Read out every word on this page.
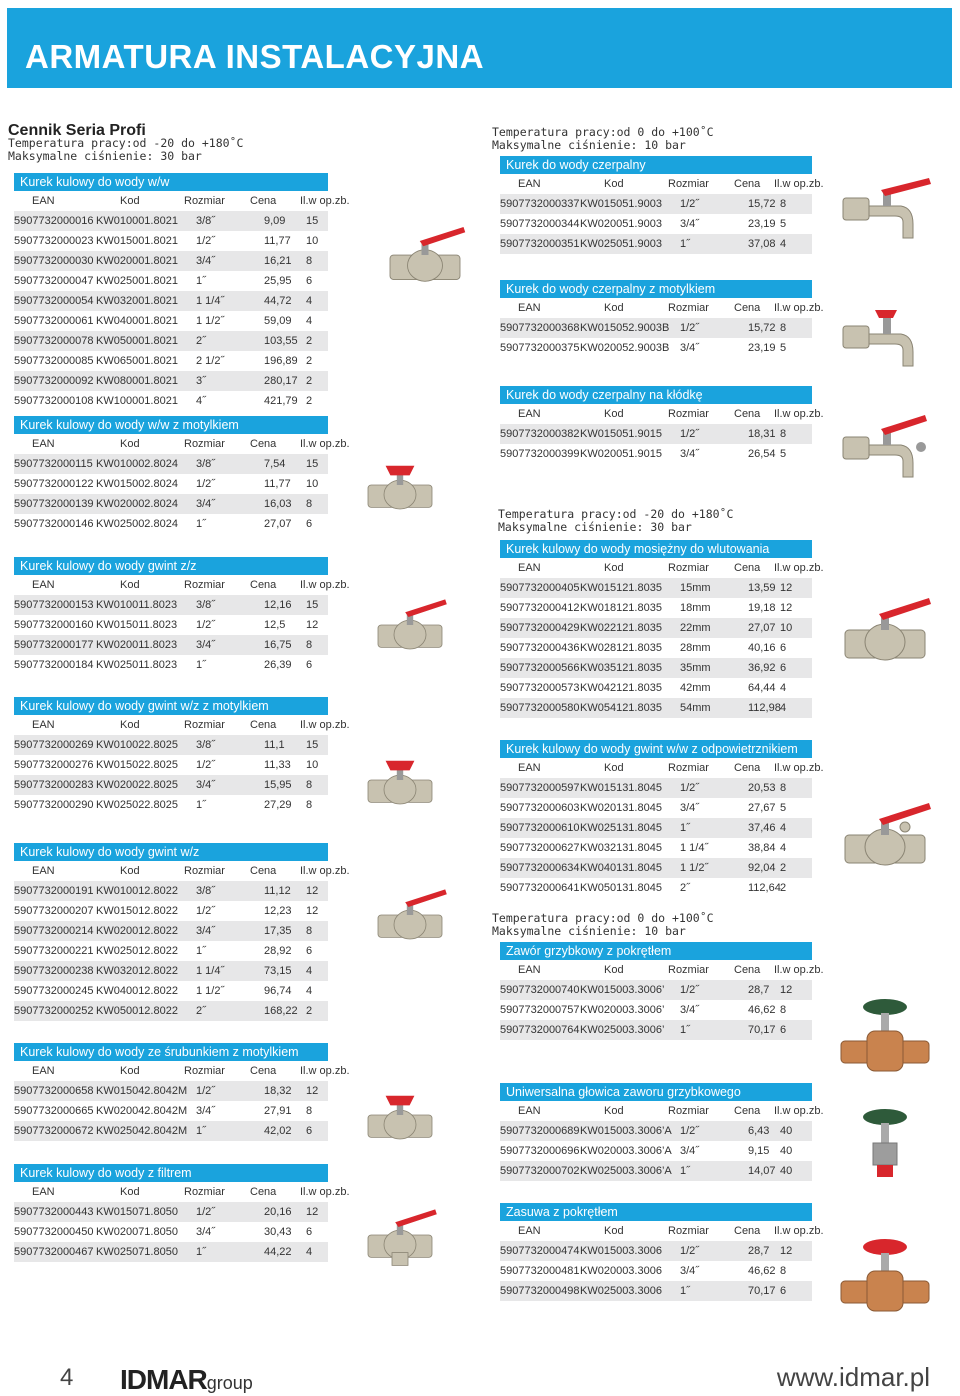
ARMATURA INSTALACYJNA
Cennik Seria Profi
Temperatura pracy:od -20 do +180˚C
Maksymalne ciśnienie: 30 bar
Temperatura pracy:od 0 do +100˚C
Maksymalne ciśnienie: 10 bar
Temperatura pracy:od -20 do +180˚C
Maksymalne ciśnienie: 30 bar
Temperatura pracy:od 0 do +100˚C
Maksymalne ciśnienie: 10 bar
Kurek kulowy do wody w/w
EAN	Kod	Rozmiar Cena Il.w op.zb.
5907732000016 KW010001.8021 3/8˝	9,09 15
5907732000023 KW015001.8021 1/2˝	11,77 10
5907732000030 KW020001.8021 3/4˝	16,21 8
5907732000047 KW025001.8021 1˝	25,95 6
5907732000054 KW032001.8021 1 1/4˝	44,72 4
5907732000061 KW040001.8021 1 1/2˝	59,09 4
5907732000078 KW050001.8021 2˝	103,55 2
5907732000085 KW065001.8021 2 1/2˝	196,89 2
5907732000092 KW080001.8021 3˝	280,17 2
5907732000108 KW100001.8021 4˝	421,79 2
Kurek kulowy do wody w/w z motylkiem
EAN	Kod	Rozmiar Cena Il.w op.zb.
5907732000115 KW010002.8024 3/8˝	7,54 15
5907732000122 KW015002.8024 1/2˝	11,77 10
5907732000139 KW020002.8024 3/4˝	16,03 8
5907732000146 KW025002.8024 1˝	27,07 6
Kurek kulowy do wody gwint z/z
EAN	Kod	Rozmiar Cena Il.w op.zb.
5907732000153 KW010011.8023 3/8˝	12,16 15
5907732000160 KW015011.8023 1/2˝	12,5 12
5907732000177 KW020011.8023 3/4˝	16,75 8
5907732000184 KW025011.8023 1˝	26,39 6
Kurek kulowy do wody gwint w/z z motylkiem
EAN	Kod	Rozmiar Cena Il.w op.zb.
5907732000269 KW010022.8025 3/8˝	11,1 15
5907732000276 KW015022.8025 1/2˝	11,33 10
5907732000283 KW020022.8025 3/4˝	15,95 8
5907732000290 KW025022.8025 1˝	27,29 8
Kurek kulowy do wody gwint w/z
EAN	Kod	Rozmiar Cena Il.w op.zb.
5907732000191 KW010012.8022 3/8˝	11,12 12
5907732000207 KW015012.8022 1/2˝	12,23 12
5907732000214 KW020012.8022 3/4˝	17,35 8
5907732000221 KW025012.8022 1˝	28,92 6
5907732000238 KW032012.8022 1 1/4˝	73,15 4
5907732000245 KW040012.8022 1 1/2˝	96,74 4
5907732000252 KW050012.8022 2˝	168,22 2
Kurek kulowy do wody ze śrubunkiem z motylkiem
EAN	Kod	Rozmiar Cena Il.w op.zb.
5907732000658 KW015042.8042M 1/2˝	18,32 12
5907732000665 KW020042.8042M 3/4˝	27,91 8
5907732000672 KW025042.8042M 1˝	42,02 6
Kurek kulowy do wody z filtrem
EAN	Kod	Rozmiar Cena Il.w op.zb.
5907732000443 KW015071.8050 1/2˝	20,16 12
5907732000450 KW020071.8050 3/4˝	30,43 6
5907732000467 KW025071.8050 1˝	44,22 4
Kurek do wody czerpalny
EAN	Kod	Rozmiar Cena Il.w op.zb.
5907732000337 KW015051.9003 1/2˝	15,72 8
5907732000344 KW020051.9003 3/4˝	23,19 5
5907732000351 KW025051.9003 1˝	37,08 4
Kurek do wody czerpalny z motylkiem
EAN	Kod	Rozmiar Cena Il.w op.zb.
5907732000368 KW015052.9003B 1/2˝	15,72 8
5907732000375 KW020052.9003B 3/4˝	23,19 5
Kurek do wody czerpalny na kłódkę
EAN	Kod	Rozmiar Cena Il.w op.zb.
5907732000382 KW015051.9015 1/2˝	18,31 8
5907732000399 KW020051.9015 3/4˝	26,54 5
Kurek kulowy do wody mosiężny do wlutowania
EAN	Kod	Rozmiar Cena Il.w op.zb.
5907732000405 KW015121.8035 15mm	13,59 12
5907732000412 KW018121.8035 18mm	19,18 12
5907732000429 KW022121.8035 22mm	27,07 10
5907732000436 KW028121.8035 28mm	40,16 6
5907732000566 KW035121.8035 35mm	36,92 6
5907732000573 KW042121.8035 42mm	64,44 4
5907732000580 KW054121.8035 54mm	112,98 4
Kurek kulowy do wody gwint w/w z odpowietrznikiem
EAN	Kod	Rozmiar Cena Il.w op.zb.
5907732000597 KW015131.8045 1/2˝	20,53 8
5907732000603 KW020131.8045 3/4˝	27,67 5
5907732000610 KW025131.8045 1˝	37,46 4
5907732000627 KW032131.8045 1 1/4˝	38,84 4
5907732000634 KW040131.8045 1 1/2˝	92,04 2
5907732000641 KW050131.8045 2˝	112,64 2
Zawór grzybkowy z pokrętłem
EAN	Kod	Rozmiar Cena Il.w op.zb.
5907732000740 KW015003.3006’ 1/2˝	28,7 12
5907732000757 KW020003.3006’ 3/4˝	46,62 8
5907732000764 KW025003.3006’ 1˝	70,17 6
Uniwersalna głowica zaworu grzybkowego
EAN	Kod	Rozmiar Cena Il.w op.zb.
5907732000689 KW015003.3006’A 1/2˝	6,43 40
5907732000696 KW020003.3006’A 3/4˝	9,15 40
5907732000702 KW025003.3006’A 1˝	14,07 40
Zasuwa z pokrętłem
EAN	Kod	Rozmiar Cena Il.w op.zb.
5907732000474 KW015003.3006 1/2˝	28,7 12
5907732000481 KW020003.3006 3/4˝	46,62 8
5907732000498 KW025003.3006 1˝	70,17 6
4 IDMARgroup	www.idmar.pl
